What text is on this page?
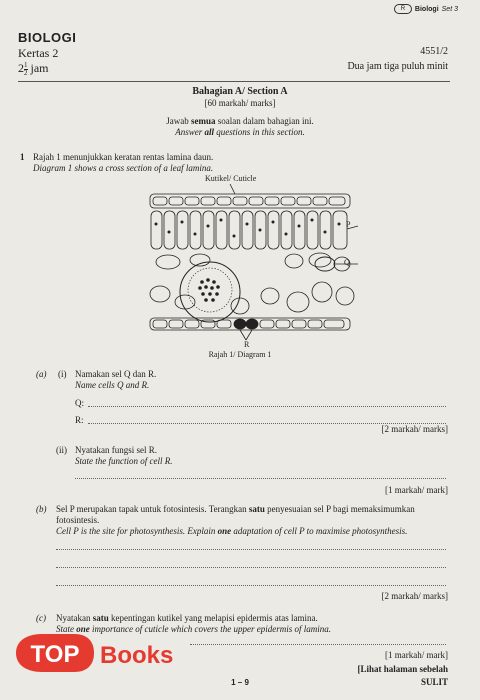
R	Biologi Set 3
BIOLOGI
Kertas 2
$2 \frac{1}{2}$ jam
4551/2
Dua jam tiga puluh minit
Bahagian A/ Section A
[60 markah/ marks]
Jawab semua soalan dalam bahagian ini.
Answer all questions in this section.
1 Rajah 1 menunjukkan keratan rentas lamina daun.
Diagram 1 shows a cross section of a leaf lamina.
Kutikel/ Cuticle
P
Q
R
Rajah 1/ Diagram 1
(a) (i) Namakan sel Q dan R.
Name cells Q and R.
Q:
R:
[2 markah/ marks]
(ii) Nyatakan fungsi sel R.
State the function of cell R.
[1 markah/ mark]
(b) Sel P merupakan tapak untuk fotosintesis. Terangkan satu penyesuaian sel P bagi memaksimumkan
fotosintesis.
Cell P is the site for photosynthesis. Explain one adaptation of cell P to maximise photosynthesis.
[2 markah/ marks]
(c) Nyatakan satu kepentingan kutikel yang melapisi epidermis atas lamina.
State one importance of cuticle which covers the upper epidermis of lamina.
[1 markah/ mark]
[Lihat halaman sebelah
SULIT
1 – 9
TOP Books
